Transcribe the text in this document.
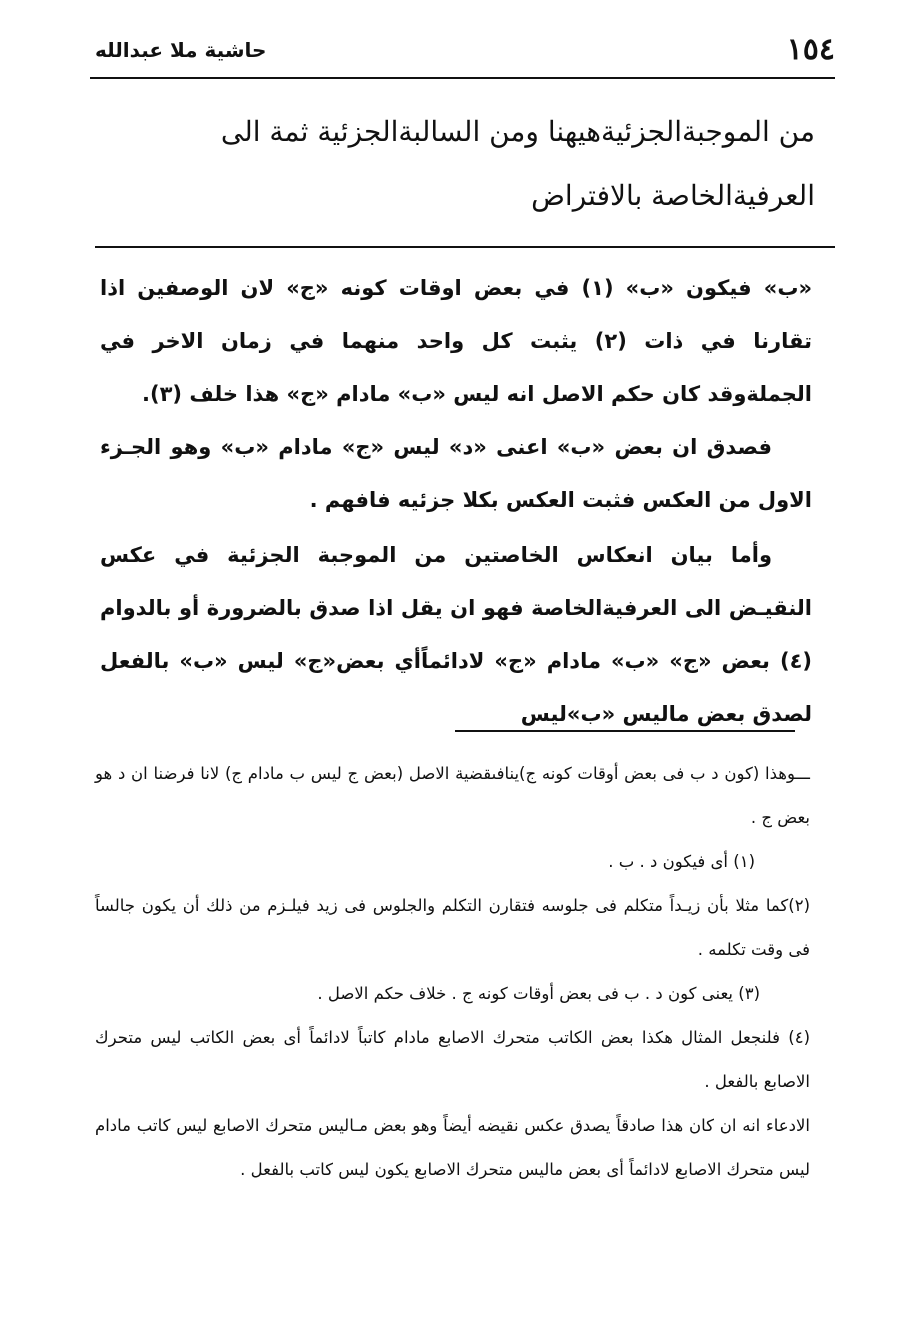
١٥٤
حاشية ملا عبدالله
من الموجبةالجزئيةهيهنا ومن السالبةالجزئية ثمة الى العرفيةالخاصة بالافتراض

«ب» فيكون «ب» (١) في بعض اوقات كونه «ج» لان الوصفين اذا تقارنا في ذات (٢) يثبت كل واحد منهما في زمان الاخر في الجملةوقد كان حكم الاصل انه ليس «ب» مادام «ج» هذا خلف (٣).

فصدق ان بعض «ب» اعنى «د» ليس «ج» مادام «ب» وهو الجـزء الاول من العكس فثبت العكس بكلا جزئيه فافهم .

وأما بيان انعكاس الخاصتين من الموجبة الجزئية في عكس النقيـض الى العرفيةالخاصة فهو ان يقل اذا صدق بالضرورة أو بالدوام (٤) بعض «ج» «ب» مادام «ج» لادائماًأي بعض«ج» ليس «ب» بالفعل لصدق بعض ماليس «ب»ليس

ـــوهذا (كون د ب فى بعض أوقات كونه ج)ينافىقضية الاصل (بعض ج ليس ب مادام ج) لانا فرضنا ان د هو بعض ج .

(١) أى فيكون د . ب .

(٢)كما مثلا بأن زيـداً متكلم فى جلوسه فتقارن التكلم والجلوس فى زيد فيلـزم من ذلك أن يكون جالساً فى وقت تكلمه .

(٣) يعنى كون د . ب فى بعض أوقات كونه ج . خلاف حكم الاصل .

(٤) فلنجعل المثال هكذا بعض الكاتب متحرك الاصابع مادام كاتباً لادائماً أى بعض الكاتب ليس متحرك الاصابع بالفعل .

الادعاء انه ان كان هذا صادقاً يصدق عكس نقيضه أيضاً وهو بعض مـاليس متحرك الاصابع ليس كاتب مادام ليس متحرك الاصابع لادائماً أى بعض ماليس متحرك الاصابع يكون ليس كاتب بالفعل .
